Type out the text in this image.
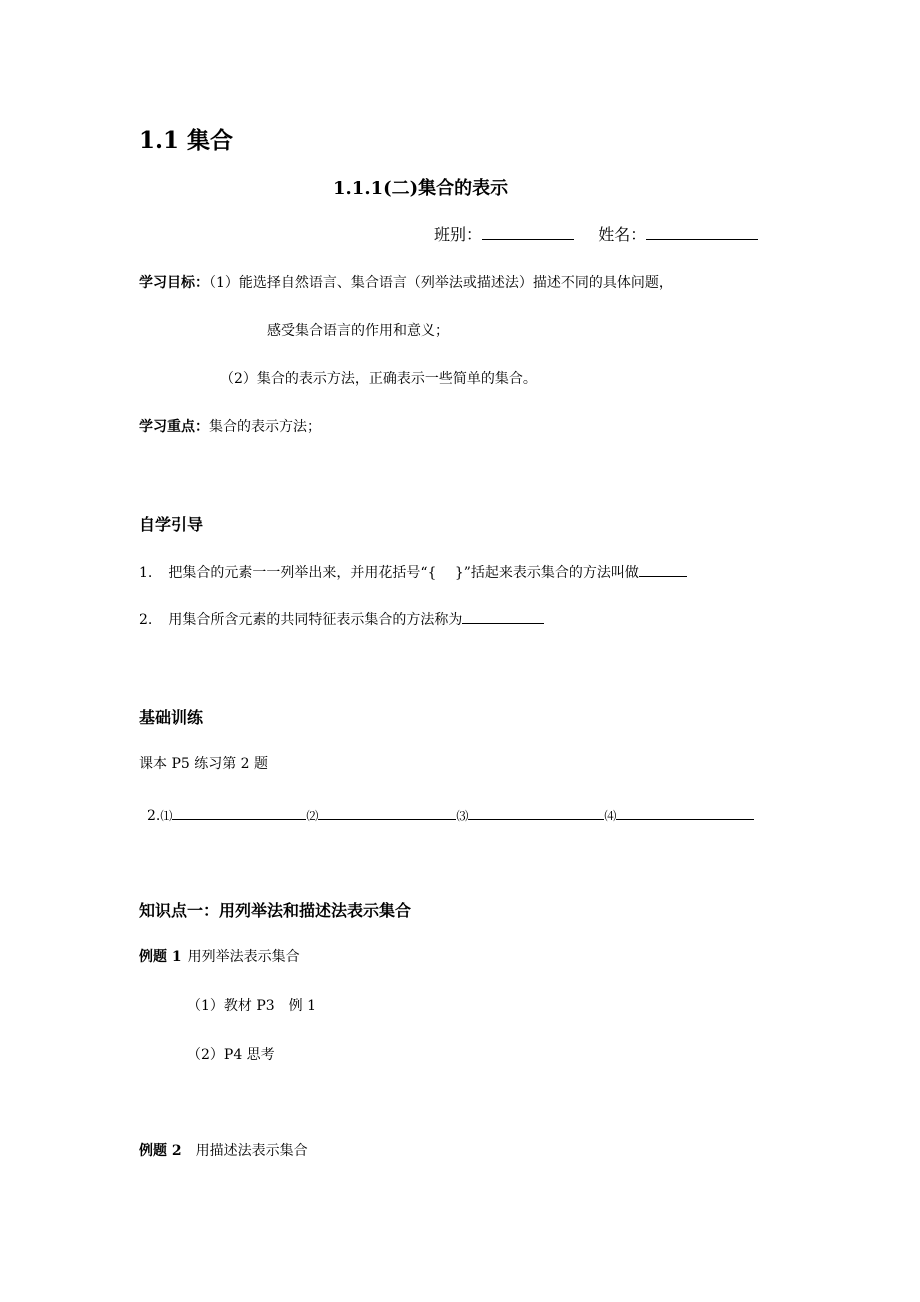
1.1 集合
1.1.1(二)集合的表示
班别：	姓名：
学习目标：（1）能选择自然语言、集合语言（列举法或描述法）描述不同的具体问题，
感受集合语言的作用和意义；
（2）集合的表示方法，正确表示一些简单的集合。
学习重点：集合的表示方法；
自学引导
1. 把集合的元素一一列举出来，并用花括号“{　 }”括起来表示集合的方法叫做
2. 用集合所含元素的共同特征表示集合的方法称为
基础训练
课本 P5 练习第 2 题
2.⑴	⑵	⑶	⑷
知识点一：用列举法和描述法表示集合
例题 1 用列举法表示集合
（1）教材 P3　例 1
（2）P4 思考
例题 2 用描述法表示集合
